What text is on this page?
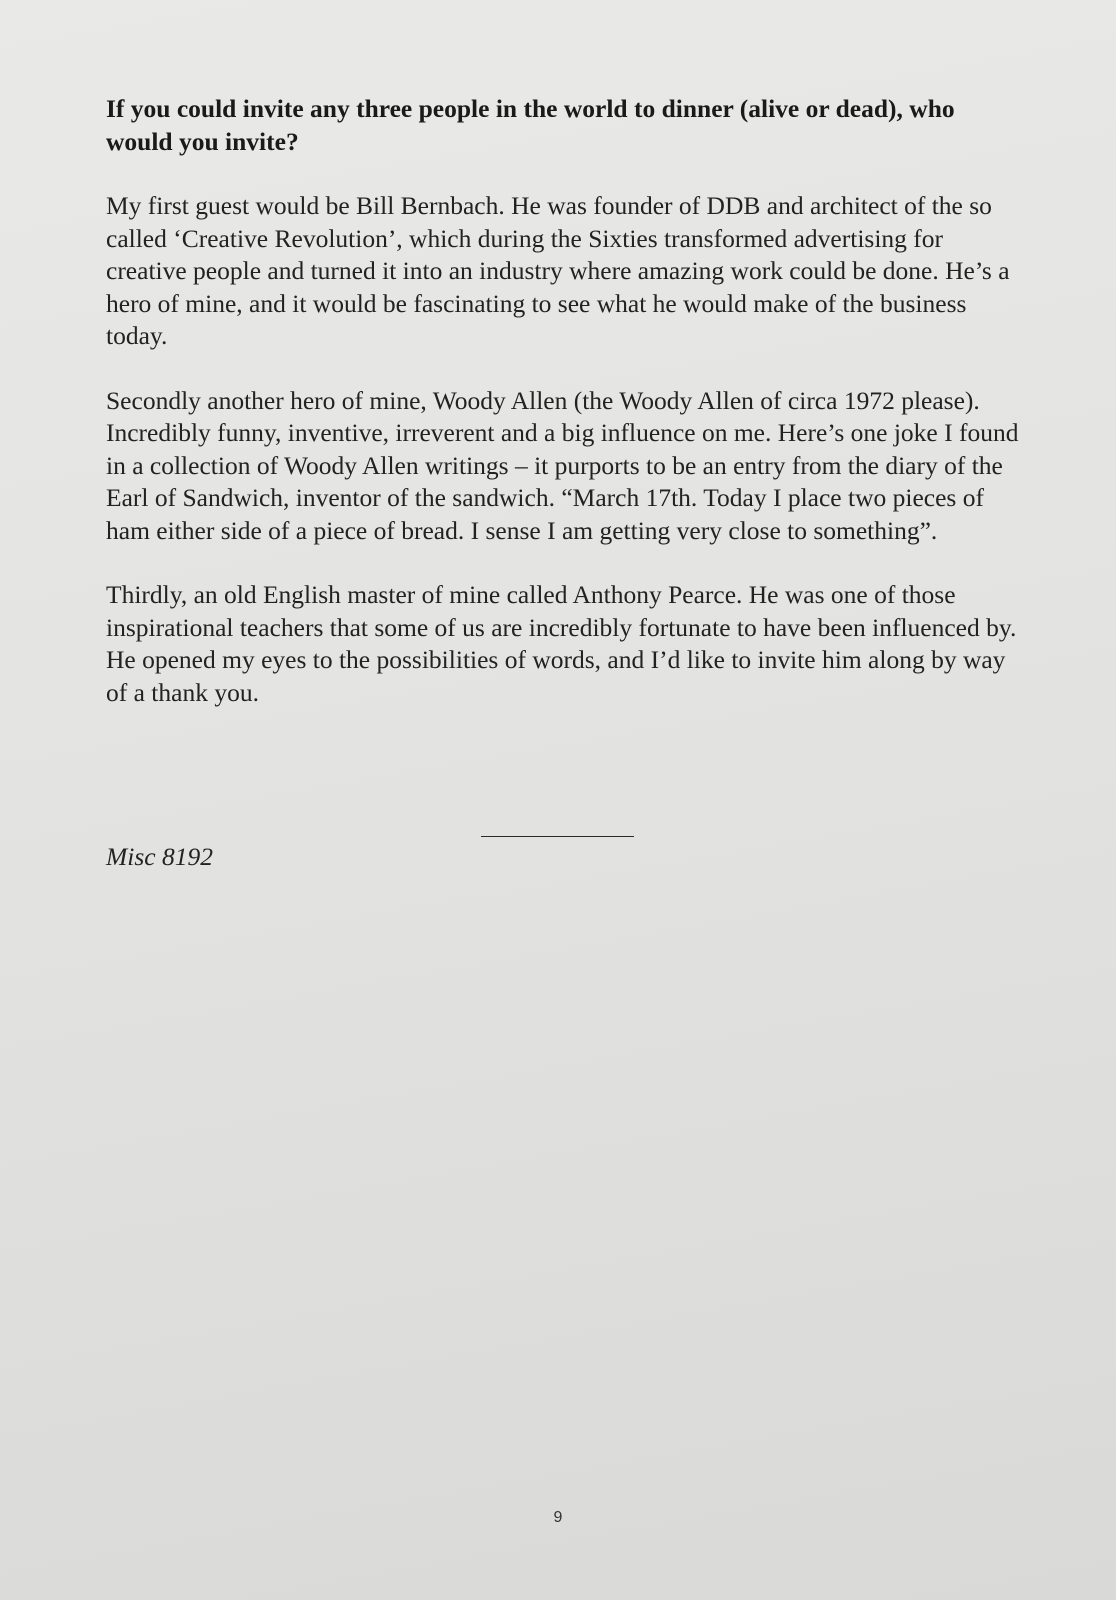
If you could invite any three people in the world to dinner (alive or dead), who would you invite?

My first guest would be Bill Bernbach. He was founder of DDB and architect of the so called ‘Creative Revolution’, which during the Sixties transformed advertising for creative people and turned it into an industry where amazing work could be done. He’s a hero of mine, and it would be fascinating to see what he would make of the business today.

Secondly another hero of mine, Woody Allen (the Woody Allen of circa 1972 please). Incredibly funny, inventive, irreverent and a big influence on me. Here’s one joke I found in a collection of Woody Allen writings – it purports to be an entry from the diary of the Earl of Sandwich, inventor of the sandwich. “March 17th. Today I place two pieces of ham either side of a piece of bread. I sense I am getting very close to something”.

Thirdly, an old English master of mine called Anthony Pearce. He was one of those inspirational teachers that some of us are incredibly fortunate to have been influenced by. He opened my eyes to the possibilities of words, and I’d like to invite him along by way of a thank you.

Misc 8192

9
